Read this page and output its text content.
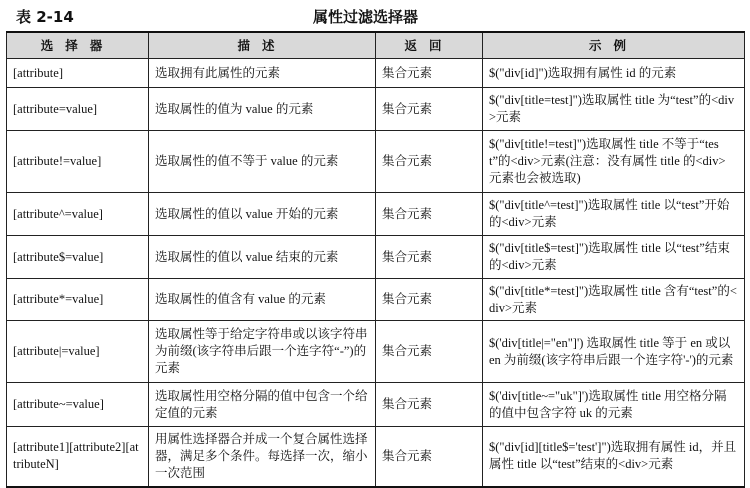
表 2-14	属性过滤选择器
选择器	描述	返回	示例
[attribute]	选取拥有此属性的元素	集合元素	$("div[id]")选取拥有属性 id 的元素
[attribute=value]	选取属性的值为 value 的元素	集合元素	$("div[title=test]")选取属性 title 为“test”的<div>元素
[attribute!=value]	选取属性的值不等于 value 的元素	集合元素	$("div[title!=test]")选取属性 title 不等于“test”的<div>元素(注意：没有属性 title 的<div>元素也会被选取)
[attribute^=value]	选取属性的值以 value 开始的元素	集合元素	$("div[title^=test]")选取属性 title 以“test”开始的<div>元素
[attribute$=value]	选取属性的值以 value 结束的元素	集合元素	$("div[title$=test]")选取属性 title 以“test”结束的<div>元素
[attribute*=value]	选取属性的值含有 value 的元素	集合元素	$("div[title*=test]")选取属性 title 含有“test”的< div>元素
[attribute|=value]	选取属性等于给定字符串或以该字符串为前缀(该字符串后跟一个连字符“-”)的元素	集合元素	$('div[title|="en"]') 选取属性 title 等于 en 或以 en 为前缀(该字符串后跟一个连字符'-')的元素
[attribute~=value]	选取属性用空格分隔的值中包含一个给定值的元素	集合元素	$('div[title~="uk"]')选取属性 title 用空格分隔的值中包含字符 uk 的元素
[attribute1][attribute2][attributeN]	用属性选择器合并成一个复合属性选择器，满足多个条件。每选择一次，缩小一次范围	集合元素	$("div[id][title$='test']")选取拥有属性 id，并且属性 title 以“test”结束的<div>元素
